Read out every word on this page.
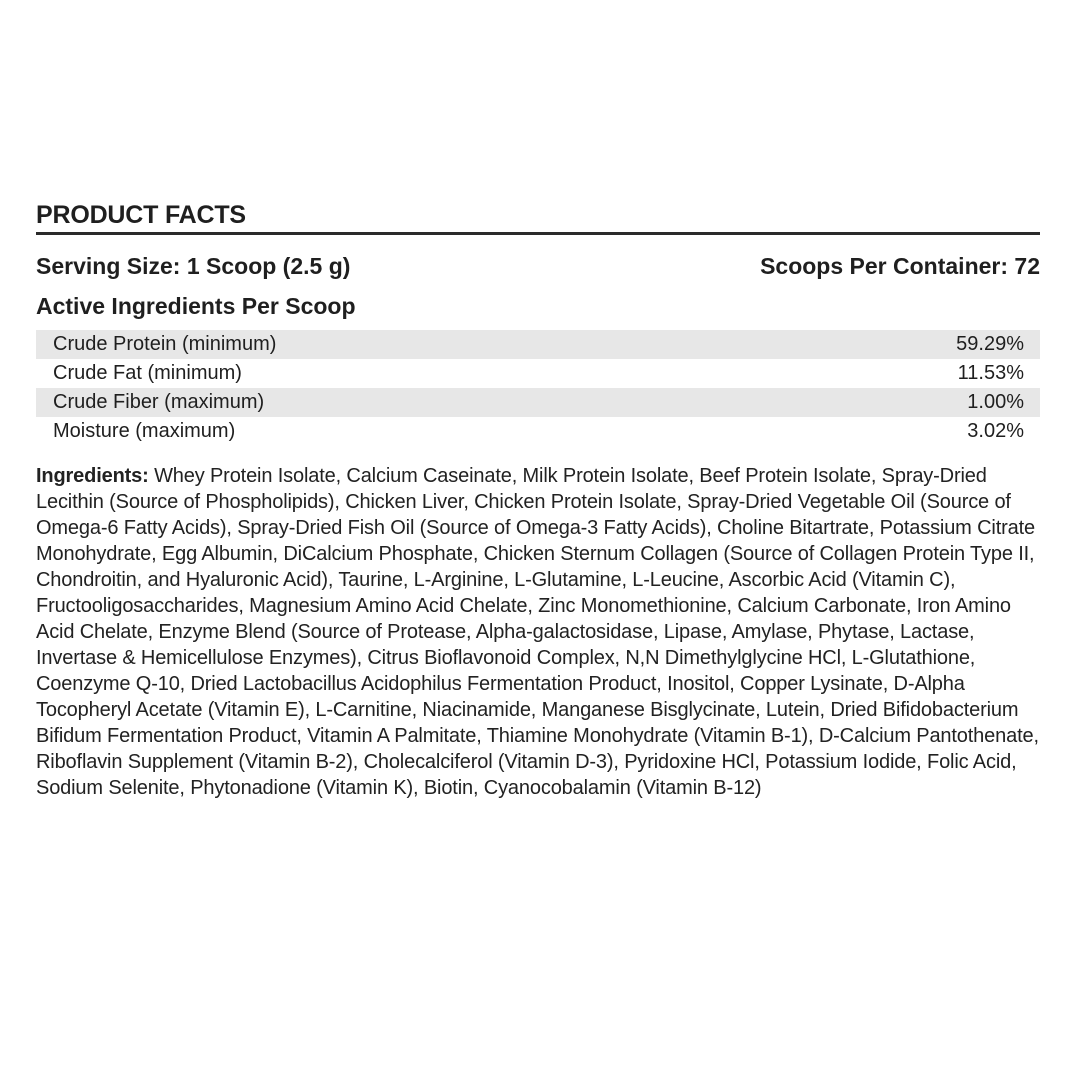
PRODUCT FACTS
Serving Size: 1 Scoop (2.5 g)	Scoops Per Container: 72
Active Ingredients Per Scoop
Crude Protein (minimum)	59.29%
Crude Fat (minimum)	11.53%
Crude Fiber (maximum)	1.00%
Moisture (maximum)	3.02%
Ingredients: Whey Protein Isolate, Calcium Caseinate, Milk Protein Isolate, Beef Protein Isolate, Spray-Dried Lecithin (Source of Phospholipids), Chicken Liver, Chicken Protein Isolate, Spray-Dried Vegetable Oil (Source of Omega-6 Fatty Acids), Spray-Dried Fish Oil (Source of Omega-3 Fatty Acids), Choline Bitartrate, Potassium Citrate Monohydrate, Egg Albumin, DiCalcium Phosphate, Chicken Sternum Collagen (Source of Collagen Protein Type II, Chondroitin, and Hyaluronic Acid), Taurine, L-Arginine, L-Glutamine, L-Leucine, Ascorbic Acid (Vitamin C), Fructooligosaccharides, Magnesium Amino Acid Chelate, Zinc Monomethionine, Calcium Carbonate, Iron Amino Acid Chelate, Enzyme Blend (Source of Protease, Alpha-galactosidase, Lipase, Amylase, Phytase, Lactase, Invertase & Hemicellulose Enzymes), Citrus Bioflavonoid Complex, N,N Dimethylglycine HCl, L-Glutathione, Coenzyme Q-10, Dried Lactobacillus Acidophilus Fermentation Product, Inositol, Copper Lysinate, D-Alpha Tocopheryl Acetate (Vitamin E), L-Carnitine, Niacinamide, Manganese Bisglycinate, Lutein, Dried Bifidobacterium Bifidum Fermentation Product, Vitamin A Palmitate, Thiamine Monohydrate (Vitamin B-1), D-Calcium Pantothenate, Riboflavin Supplement (Vitamin B-2), Cholecalciferol (Vitamin D-3), Pyridoxine HCl, Potassium Iodide, Folic Acid, Sodium Selenite, Phytonadione (Vitamin K), Biotin, Cyanocobalamin (Vitamin B-12)
